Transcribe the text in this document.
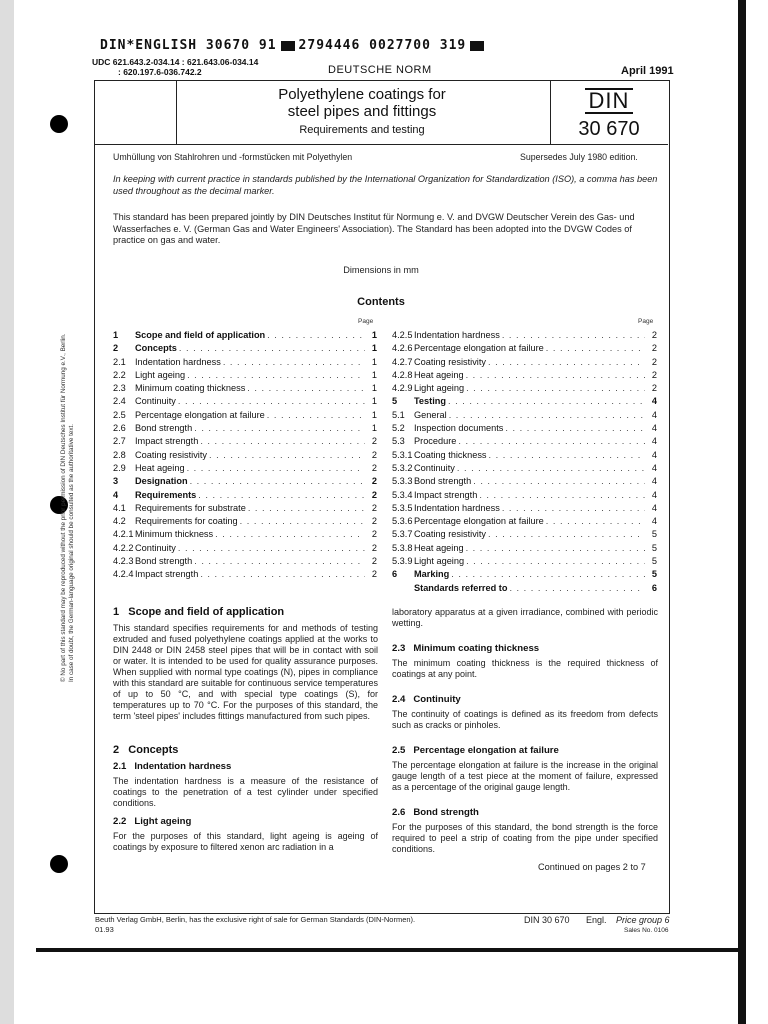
DIN*ENGLISH 30670 91 2794446 0027700 319
UDC 621.643.2-034.14 : 621.643.06-034.14
: 620.197.6-036.742.2	DEUTSCHE NORM	April 1991
Polyethylene coatings for
steel pipes and fittings
Requirements and testing
DIN
30 670
Umhüllung von Stahlrohren und -formstücken mit Polyethylen	Supersedes July 1980 edition.
In keeping with current practice in standards published by the International Organization for Standardization (ISO), a comma has been used throughout as the decimal marker.
This standard has been prepared jointly by DIN Deutsches Institut für Normung e. V. and DVGW Deutscher Verein des Gas- und Wasserfaches e. V. (German Gas and Water Engineers' Association). The Standard has been adopted into the DVGW Codes of practice on gas and water.
Dimensions in mm
Contents
Page	Page
1	Scope and field of application . . .	1
2	Concepts . . .	1
2.1	Indentation hardness . . .	1
2.2	Light ageing . . .	1
2.3	Minimum coating thickness . . .	1
2.4	Continuity . . .	1
2.5	Percentage elongation at failure . . .	1
2.6	Bond strength . . .	1
2.7	Impact strength . . .	2
2.8	Coating resistivity . . .	2
2.9	Heat ageing . . .	2
3	Designation . . .	2
4	Requirements . . .	2
4.1	Requirements for substrate . . .	2
4.2	Requirements for coating . . .	2
4.2.1 Minimum thickness . . .	2
4.2.2 Continuity . . .	2
4.2.3 Bond strength . . .	2
4.2.4 Impact strength . . .	2
4.2.5 Indentation hardness . . .	2
4.2.6 Percentage elongation at failure . . .	2
4.2.7 Coating resistivity . . .	2
4.2.8 Heat ageing . . .	2
4.2.9 Light ageing . . .	2
5	Testing . . .	4
5.1	General . . .	4
5.2	Inspection documents . . .	4
5.3	Procedure . . .	4
5.3.1 Coating thickness . . .	4
5.3.2 Continuity . . .	4
5.3.3 Bond strength . . .	4
5.3.4 Impact strength . . .	4
5.3.5 Indentation hardness . . .	4
5.3.6 Percentage elongation at failure . . .	4
5.3.7 Coating resistivity . . .	5
5.3.8 Heat ageing . . .	5
5.3.9 Light ageing . . .	5
6	Marking . . .	5
Standards referred to . . .	6
1   Scope and field of application
This standard specifies requirements for and methods of testing extruded and fused polyethylene coatings applied at the works to DIN 2448 or DIN 2458 steel pipes that will be in contact with soil or water. It is intended to be used for quality assurance purposes. When supplied with normal type coatings (N), pipes in compliance with this standard are suitable for continuous service temperatures of up to 50 °C, and with special type coatings (S), for temperatures up to 70 °C. For the purposes of this standard, the term 'steel pipes' includes fittings manufactured from such pipes.
2   Concepts
2.1   Indentation hardness
The indentation hardness is a measure of the resistance of coatings to the penetration of a test cylinder under specified conditions.
2.2   Light ageing
For the purposes of this standard, light ageing is ageing of coatings by exposure to filtered xenon arc radiation in a
laboratory apparatus at a given irradiance, combined with periodic wetting.
2.3   Minimum coating thickness
The minimum coating thickness is the required thickness of coatings at any point.
2.4   Continuity
The continuity of coatings is defined as its freedom from defects such as cracks or pinholes.
2.5   Percentage elongation at failure
The percentage elongation at failure is the increase in the original gauge length of a test piece at the moment of failure, expressed as a percentage of the original gauge length.
2.6   Bond strength
For the purposes of this standard, the bond strength is the force required to peel a strip of coating from the pipe under specified conditions.
Continued on pages 2 to 7
Beuth Verlag GmbH, Berlin, has the exclusive right of sale for German Standards (DIN-Normen).
01.93
DIN 30 670 Engl. Price group 6
Sales No. 0106
© No part of this standard may be reproduced without the prior permission of DIN Deutsches Institut für Normung e.V., Berlin. In case of doubt, the German-language original should be consulted as the authoritative text.
